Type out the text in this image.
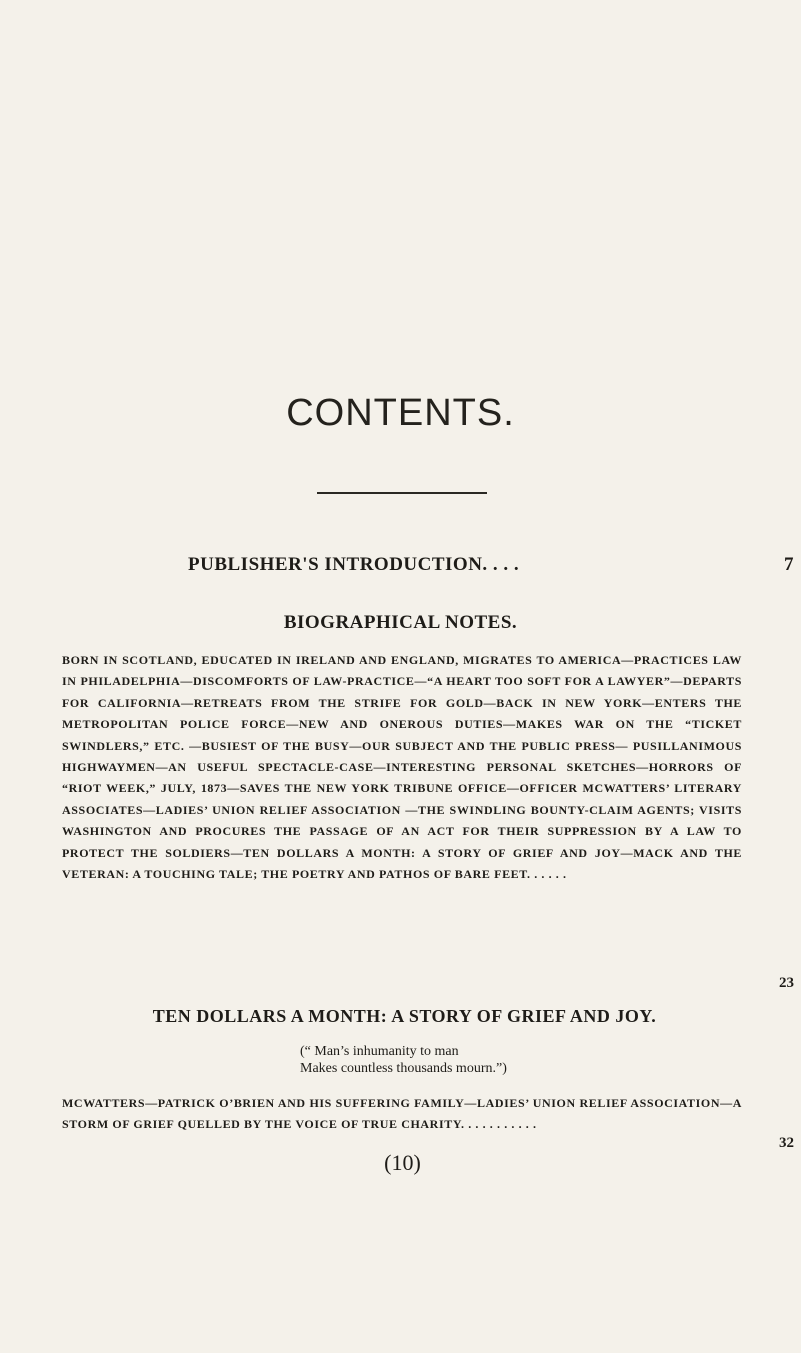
CONTENTS.
PUBLISHER'S INTRODUCTION. . . .	7
BIOGRAPHICAL NOTES.
BORN IN SCOTLAND, EDUCATED IN IRELAND AND ENGLAND, MIGRATES TO AMERICA—PRACTICES LAW IN PHILADELPHIA—DISCOMFORTS OF LAW-PRACTICE—“A HEART TOO SOFT FOR A LAWYER”—DEPARTS FOR CALIFORNIA—RETREATS FROM THE STRIFE FOR GOLD—BACK IN NEW YORK—ENTERS THE METROPOLITAN POLICE FORCE—NEW AND ONEROUS DUTIES—MAKES WAR ON THE “TICKET SWINDLERS,” ETC. —BUSIEST OF THE BUSY—OUR SUBJECT AND THE PUBLIC PRESS— PUSILLANIMOUS HIGHWAYMEN—AN USEFUL SPECTACLE-CASE—INTERESTING PERSONAL SKETCHES—HORRORS OF “RIOT WEEK,” JULY, 1873—SAVES THE NEW YORK TRIBUNE OFFICE—OFFICER MCWATTERS’ LITERARY ASSOCIATES—LADIES’ UNION RELIEF ASSOCIATION —THE SWINDLING BOUNTY-CLAIM AGENTS; VISITS WASHINGTON AND PROCURES THE PASSAGE OF AN ACT FOR THEIR SUPPRESSION BY A LAW TO PROTECT THE SOLDIERS—TEN DOLLARS A MONTH: A STORY OF GRIEF AND JOY—MACK AND THE VETERAN: A TOUCHING TALE; THE POETRY AND PATHOS OF BARE FEET. . . . . .
23
TEN DOLLARS A MONTH: A STORY OF GRIEF AND JOY.
(“ Man’s inhumanity to man
Makes countless thousands mourn.”)
MCWATTERS—PATRICK O’BRIEN AND HIS SUFFERING FAMILY—LADIES’ UNION RELIEF ASSOCIATION—A STORM OF GRIEF QUELLED BY THE VOICE OF TRUE CHARITY. . . . . . . . . . .
32
(10)
